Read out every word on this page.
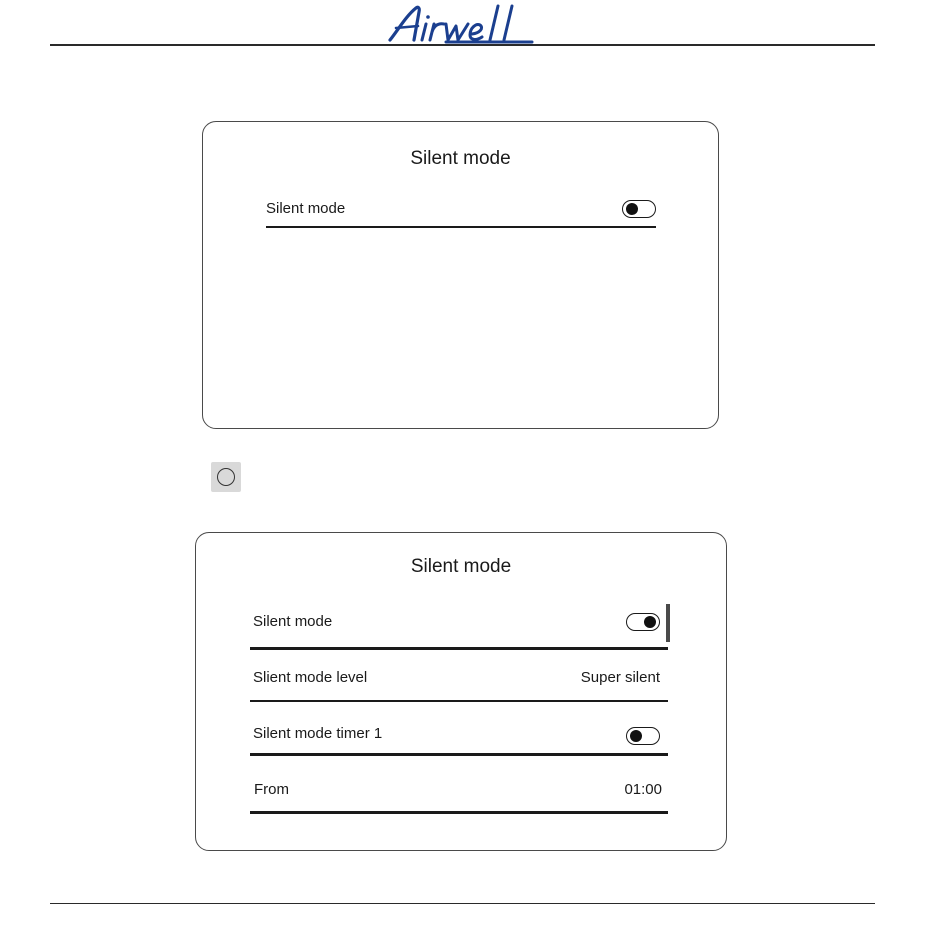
Silent mode
Silent mode
Silent mode
Silent mode
Slient mode level	Super silent
Silent mode timer 1
From	01:00
